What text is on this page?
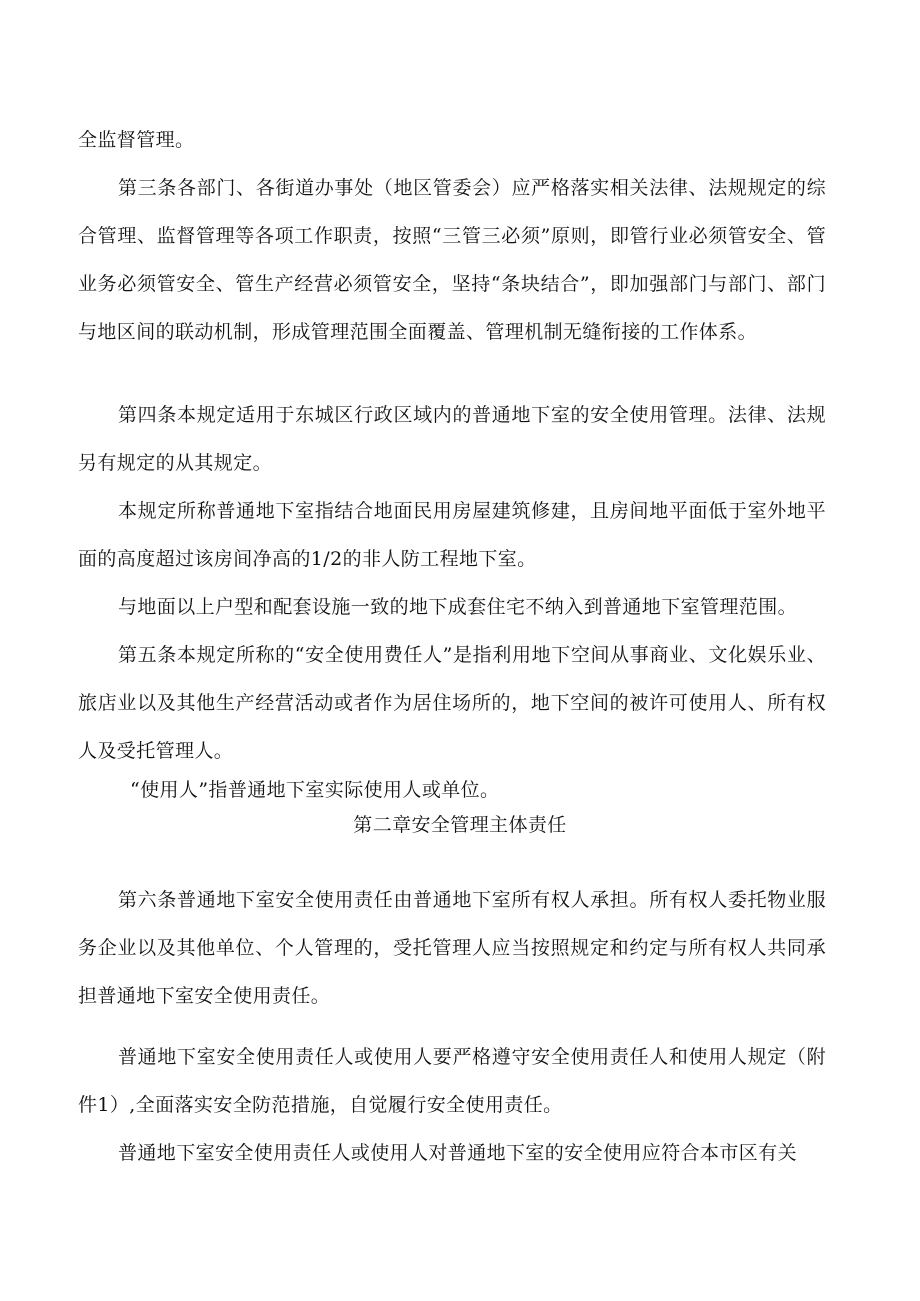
全监督管理。

第三条各部门、各街道办事处（地区管委会）应严格落实相关法律、法规规定的综合管理、监督管理等各项工作职责，按照“三管三必须”原则，即管行业必须管安全、管业务必须管安全、管生产经营必须管安全，坚持“条块结合”，即加强部门与部门、部门与地区间的联动机制，形成管理范围全面覆盖、管理机制无缝衔接的工作体系。

第四条本规定适用于东城区行政区域内的普通地下室的安全使用管理。法律、法规另有规定的从其规定。

本规定所称普通地下室指结合地面民用房屋建筑修建，且房间地平面低于室外地平面的高度超过该房间净高的1/2的非人防工程地下室。

与地面以上户型和配套设施一致的地下成套住宅不纳入到普通地下室管理范围。

第五条本规定所称的“安全使用费任人”是指利用地下空间从事商业、文化娱乐业、旅店业以及其他生产经营活动或者作为居住场所的，地下空间的被许可使用人、所有权人及受托管理人。

“使用人”指普通地下室实际使用人或单位。

第二章安全管理主体责任

第六条普通地下室安全使用责任由普通地下室所有权人承担。所有权人委托物业服务企业以及其他单位、个人管理的，受托管理人应当按照规定和约定与所有权人共同承担普通地下室安全使用责任。

普通地下室安全使用责任人或使用人要严格遵守安全使用责任人和使用人规定（附件1）,全面落实安全防范措施，自觉履行安全使用责任。

普通地下室安全使用责任人或使用人对普通地下室的安全使用应符合本市区有关
